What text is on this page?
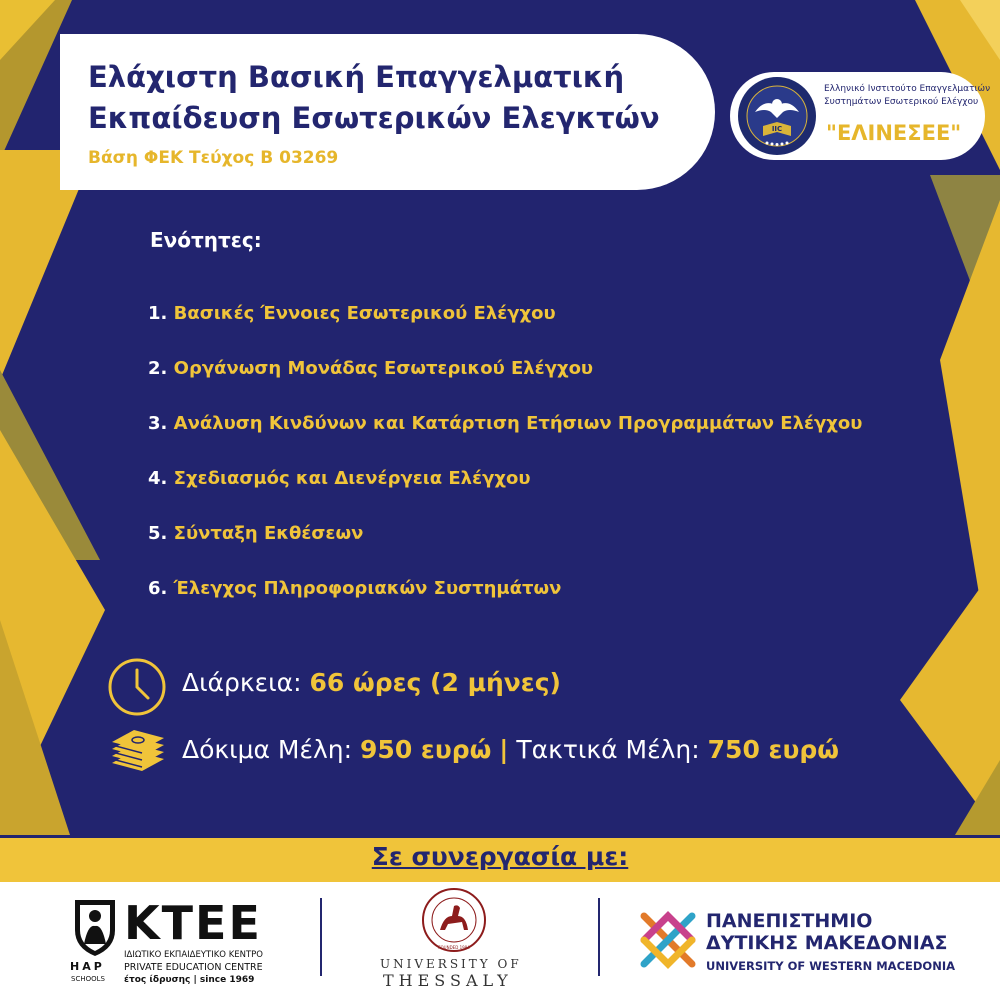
Ελάχιστη Βασική Επαγγελματική
Εκπαίδευση Εσωτερικών Ελεγκτών
Βάση ΦΕΚ Τεύχος Β 03269
IIC
Ελληνικό Ινστιτούτο Επαγγελματιών
Συστημάτων Εσωτερικού Ελέγχου
"ΕΛΙΝΕΣΕΕ"
Ενότητες:
1. Βασικές Έννοιες Εσωτερικού Ελέγχου
2. Οργάνωση Μονάδας Εσωτερικού Ελέγχου
3. Ανάλυση Κινδύνων και Κατάρτιση Ετήσιων Προγραμμάτων Ελέγχου
4. Σχεδιασμός και Διενέργεια Ελέγχου
5. Σύνταξη Εκθέσεων
6. Έλεγχος Πληροφοριακών Συστημάτων
Διάρκεια: 66 ώρες (2 μήνες)
Δόκιμα Μέλη: 950 ευρώ | Τακτικά Μέλη: 750 ευρώ
Σε συνεργασία με:
HAP
SCHOOLS
KTEE
ΙΔΙΩΤΙΚΟ ΕΚΠΑΙΔΕΥΤΙΚΟ ΚΕΝΤΡΟ
PRIVATE EDUCATION CENTRE
έτος ίδρυσης | since 1969
FOUNDED 1984
UNIVERSITY OF
THESSALY
ΠΑΝΕΠΙΣΤΗΜΙΟ
ΔΥΤΙΚΗΣ ΜΑΚΕΔΟΝΙΑΣ
UNIVERSITY OF WESTERN MACEDONIA
